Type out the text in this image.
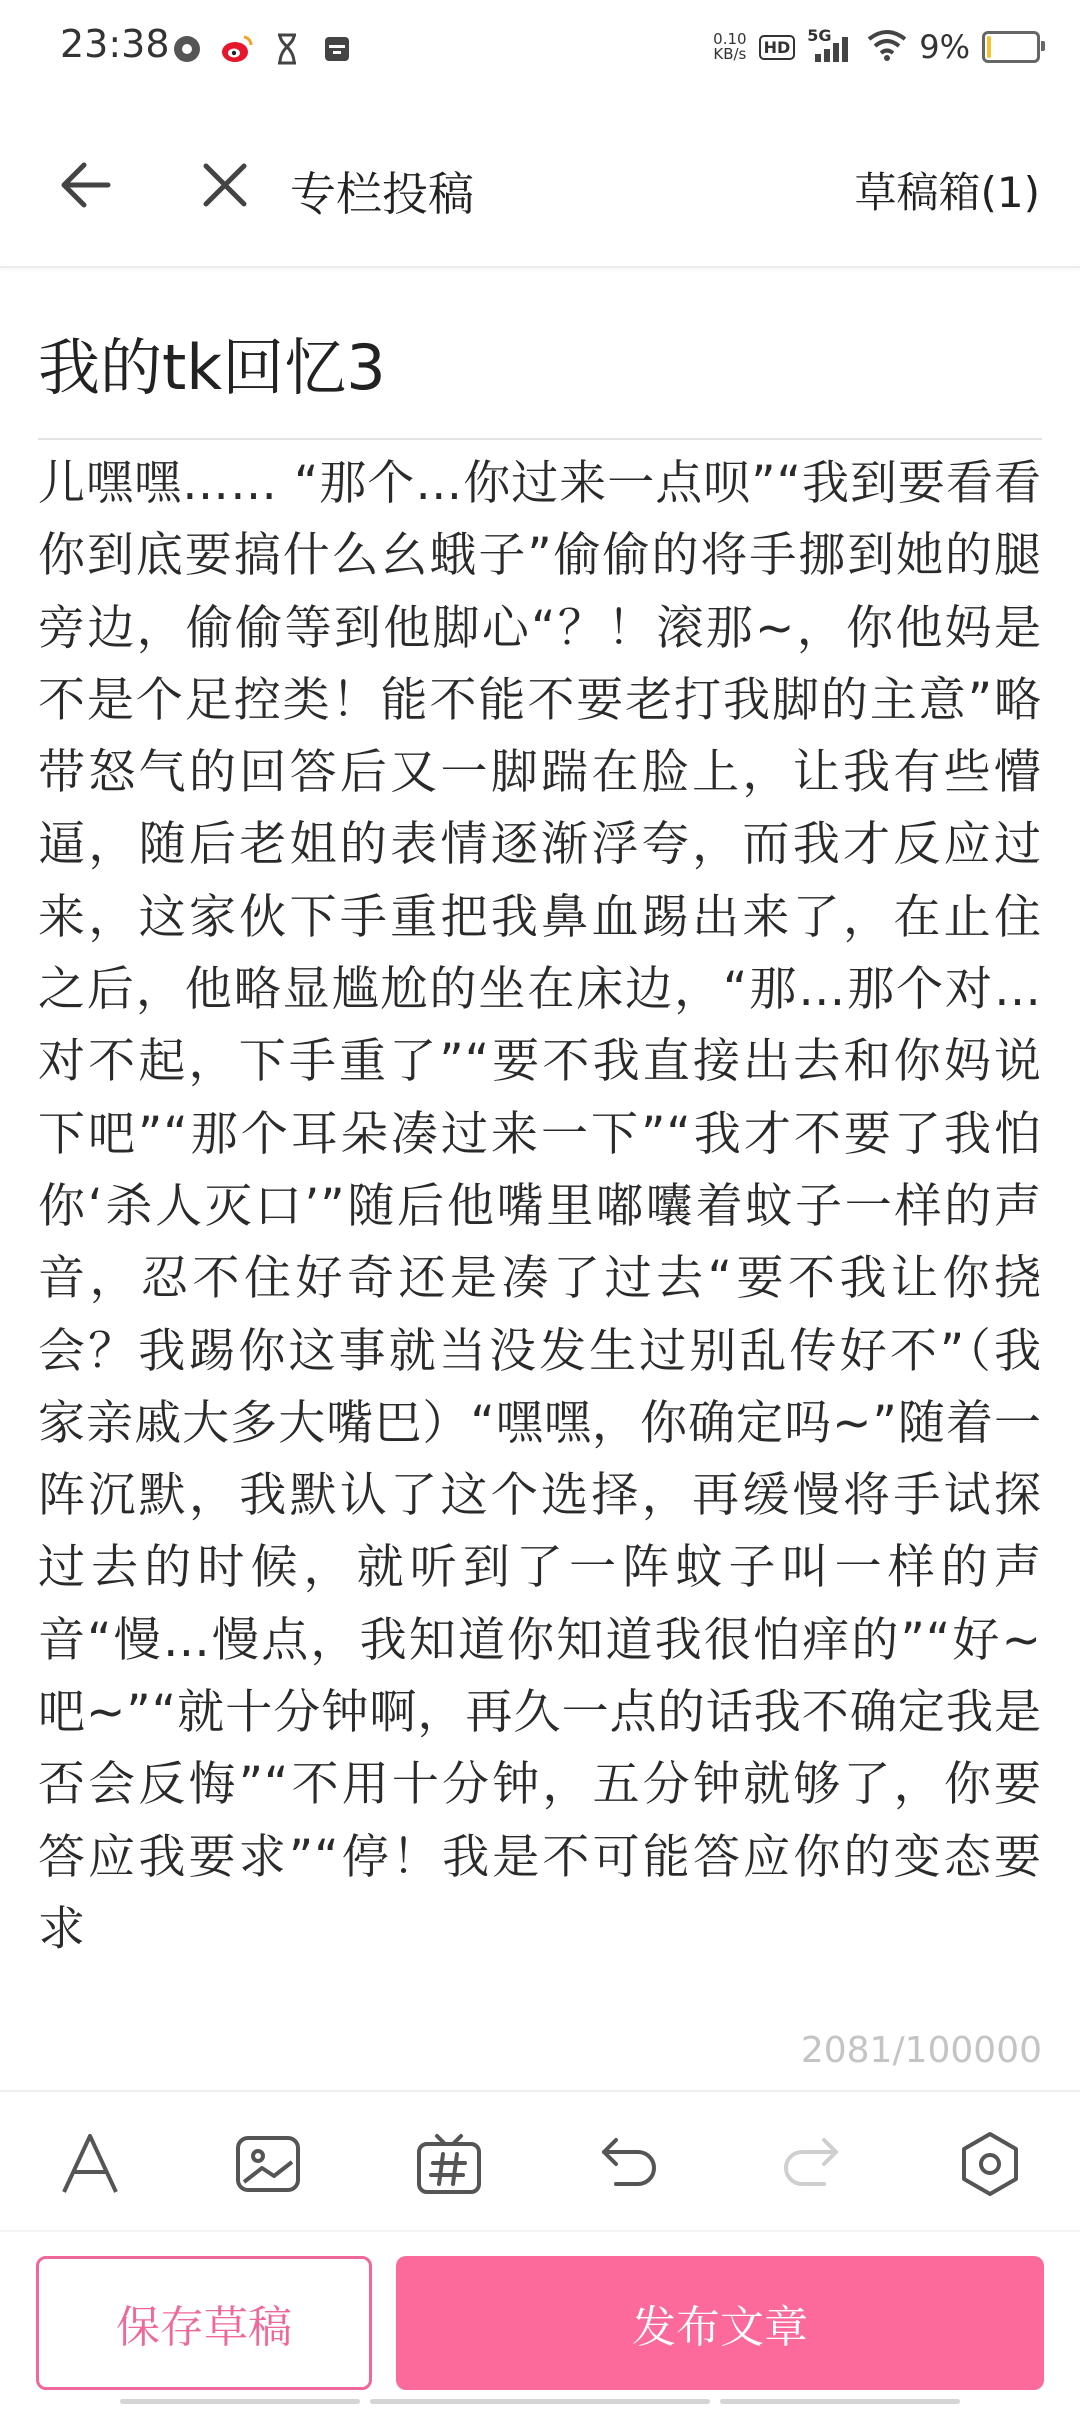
23:38	0.10
KB/s	HD
5G	9%
专栏投稿	草稿箱(1)
我的tk回忆3
儿嘿嘿…… “那个…你过来一点呗”“我到要看看你到底要搞什么幺蛾子”偷偷的将手挪到她的腿旁边，偷偷等到他脚心“？！滚那~，你他妈是不是个足控类！能不能不要老打我脚的主意”略带怒气的回答后又一脚踹在脸上，让我有些懵逼，随后老姐的表情逐渐浮夸，而我才反应过来，这家伙下手重把我鼻血踢出来了，在止住之后，他略显尴尬的坐在床边，“那…那个对…对不起，下手重了”“要不我直接出去和你妈说下吧”“那个耳朵凑过来一下”“我才不要了我怕你‘杀人灭口’”随后他嘴里嘟囔着蚊子一样的声音，忍不住好奇还是凑了过去“要不我让你挠会？我踢你这事就当没发生过别乱传好不”（我家亲戚大多大嘴巴）“嘿嘿，你确定吗~”随着一阵沉默，我默认了这个选择，再缓慢将手试探过去的时候，就听到了一阵蚊子叫一样的声音“慢…慢点，我知道你知道我很怕痒的”“好~吧~”“就十分钟啊，再久一点的话我不确定我是否会反悔”“不用十分钟，五分钟就够了，你要答应我要求”“停！我是不可能答应你的变态要求
2081/100000
保存草稿	发布文章
